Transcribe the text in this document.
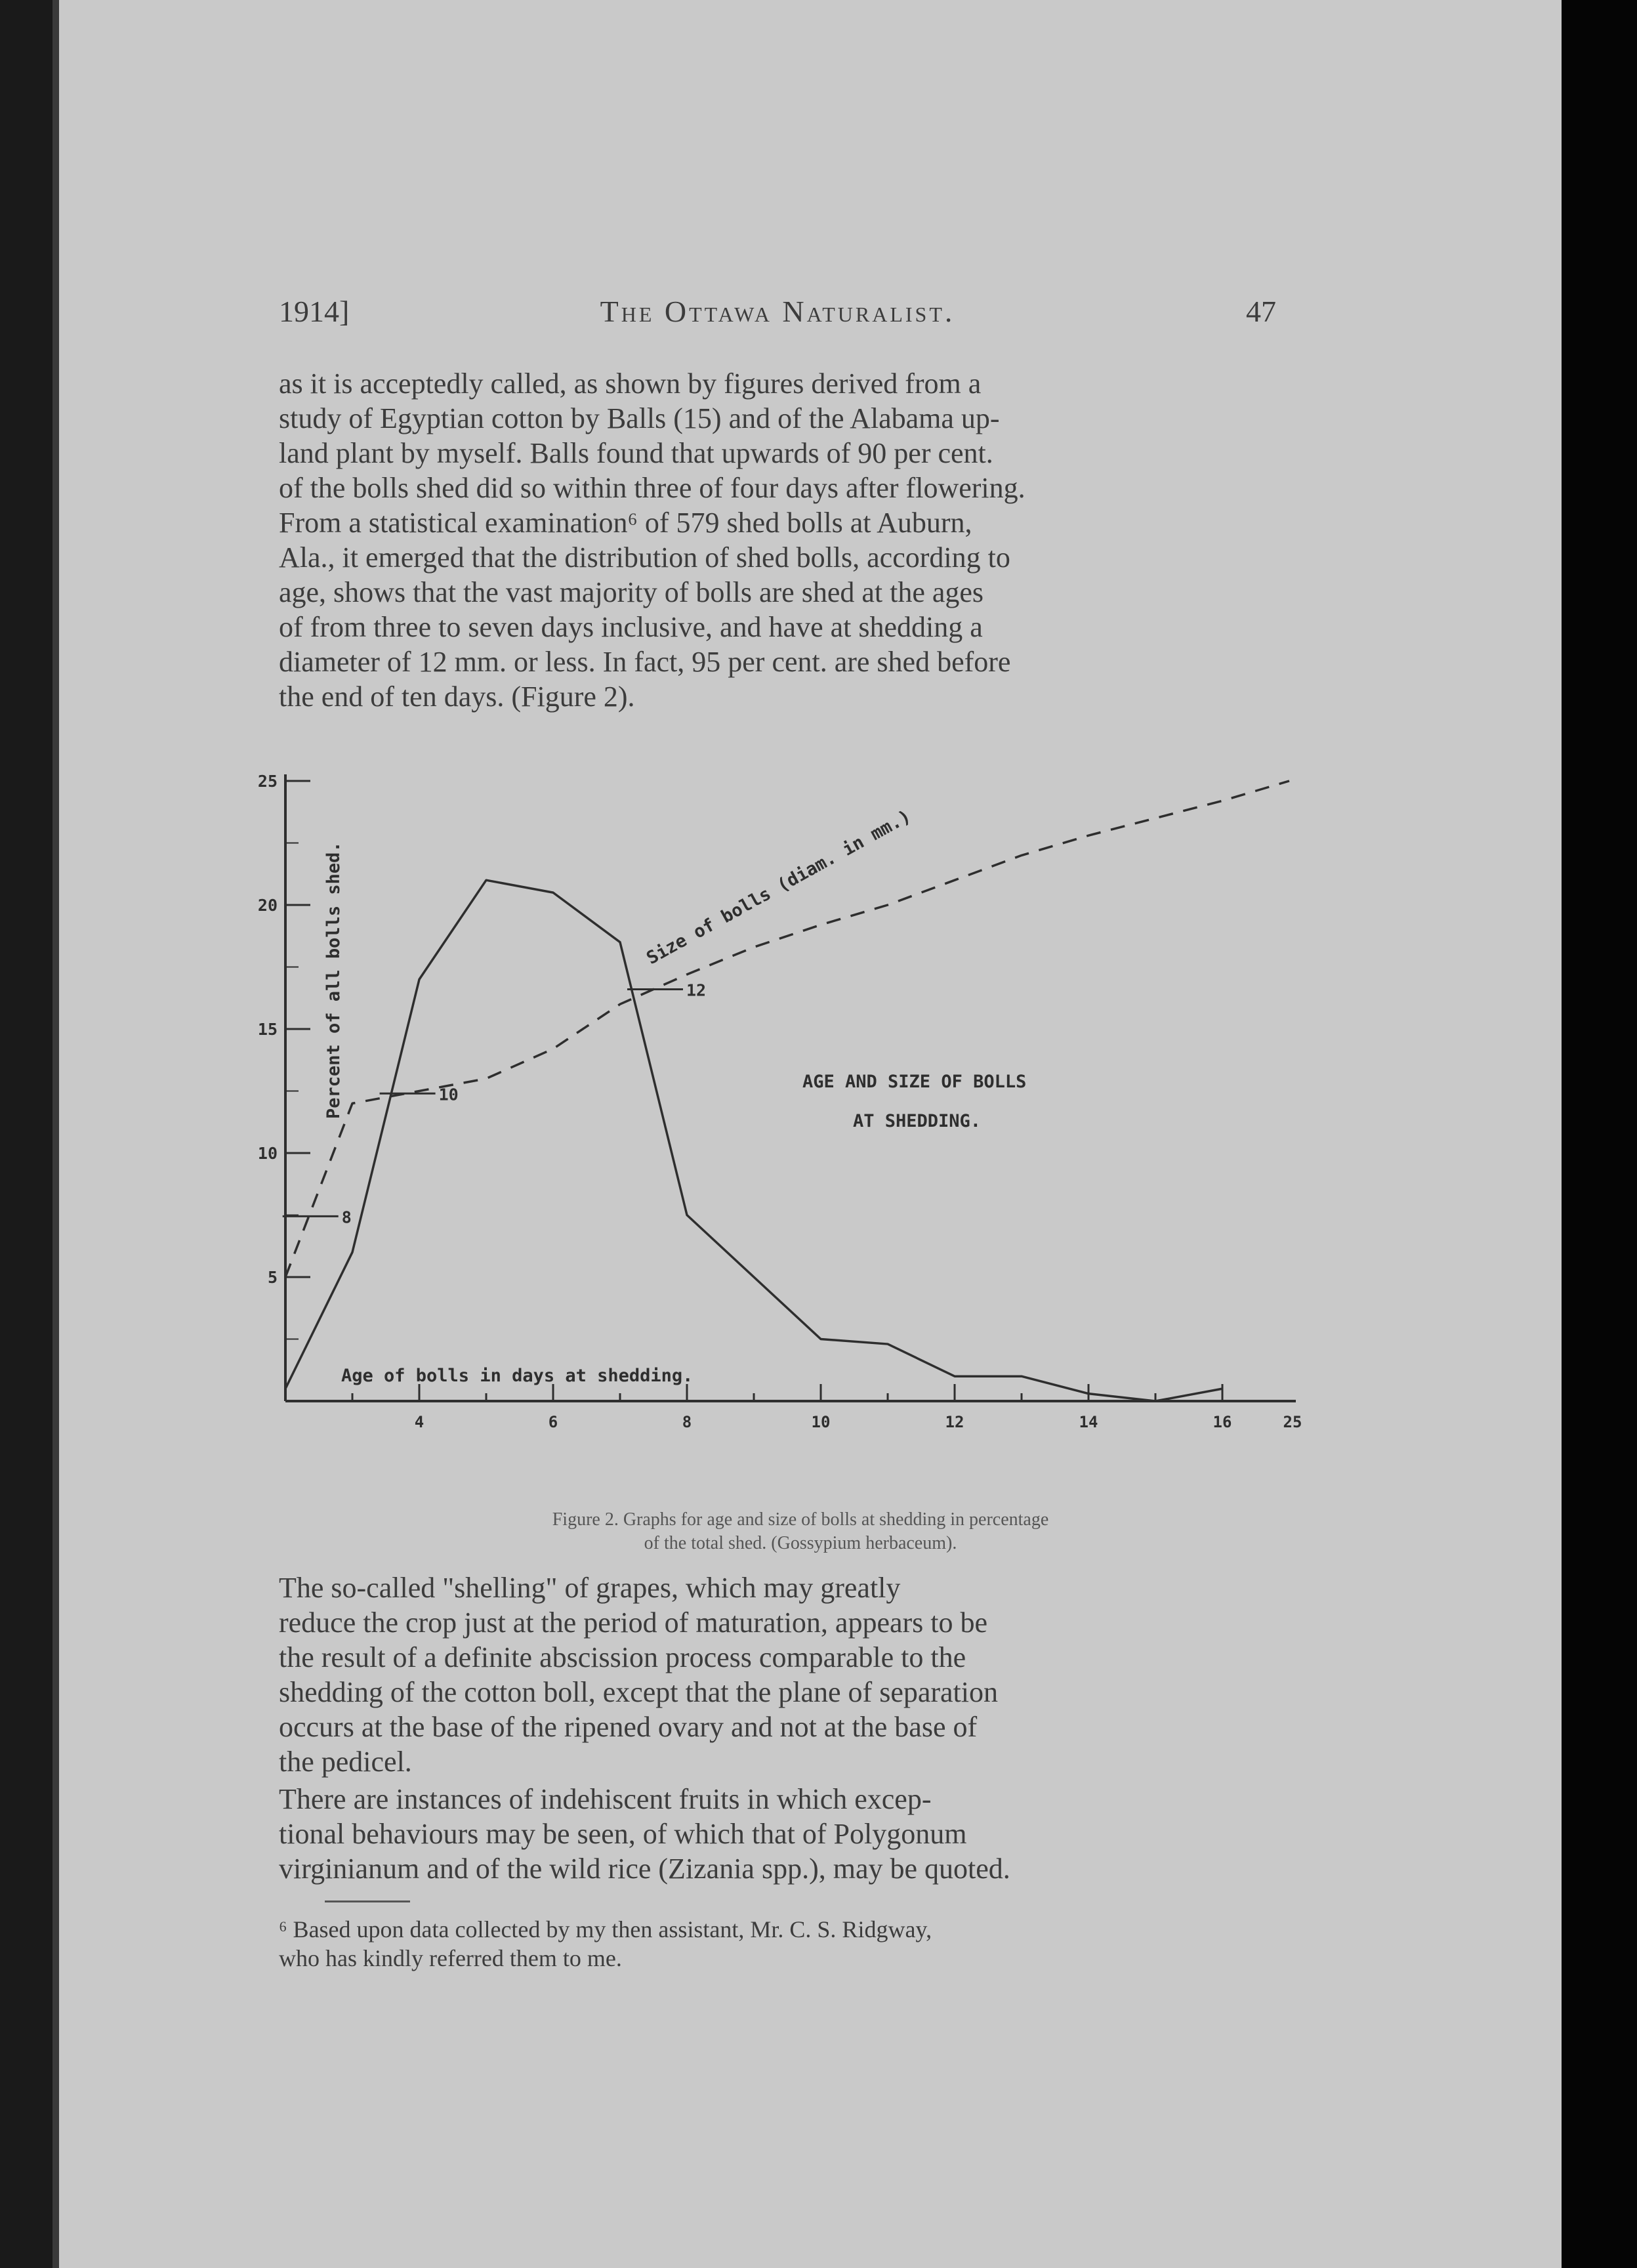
1914]	The Ottawa Naturalist.	47
as it is acceptedly called, as shown by figures derived from a
study of Egyptian cotton by Balls (15) and of the Alabama up-
land plant by myself. Balls found that upwards of 90 per cent.
of the bolls shed did so within three of four days after flowering.
From a statistical examination⁶ of 579 shed bolls at Auburn,
Ala., it emerged that the distribution of shed bolls, according to
age, shows that the vast majority of bolls are shed at the ages
of from three to seven days inclusive, and have at shedding a
diameter of 12 mm. or less. In fact, 95 per cent. are shed before
the end of ten days. (Figure 2).
5
10
15
20
25
4	6	8	10	12	14	16	25
8
10
12
Percent of all bolls shed.
Age of bolls in days at shedding.
Size of bolls (diam. in mm.)
AGE AND SIZE OF BOLLS
AT SHEDDING.
Figure 2. Graphs for age and size of bolls at shedding in percentage
of the total shed. (Gossypium herbaceum).
The so-called "shelling" of grapes, which may greatly
reduce the crop just at the period of maturation, appears to be
the result of a definite abscission process comparable to the
shedding of the cotton boll, except that the plane of separation
occurs at the base of the ripened ovary and not at the base of
the pedicel.
There are instances of indehiscent fruits in which excep-
tional behaviours may be seen, of which that of Polygonum
virginianum and of the wild rice (Zizania spp.), may be quoted.
⁶ Based upon data collected by my then assistant, Mr. C. S. Ridgway,
who has kindly referred them to me.
